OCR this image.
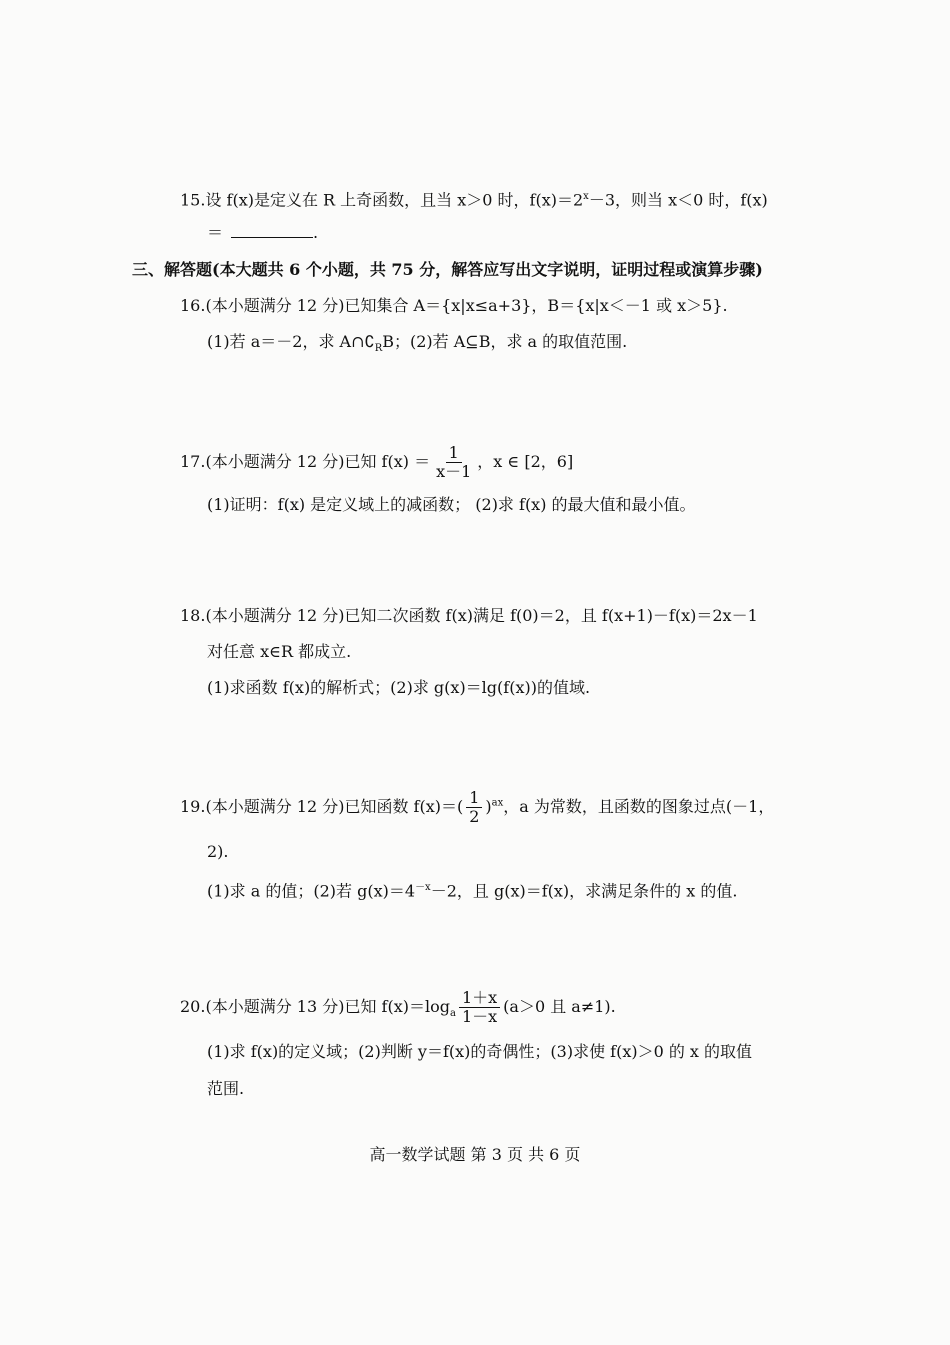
15.设 f(x)是定义在 R 上奇函数，且当 x＞0 时，$f(x)=2^x-3$，则当 x＜0 时，f(x)
＝	.
三、解答题(本大题共 6 个小题，共 75 分，解答应写出文字说明，证明过程或演算步骤)
16.(本小题满分 12 分)已知集合 A＝{x|x≤a+3}，B＝{x|x＜－1 或 x＞5}.
(1)若 a＝－2，求 $A\cap∁_RB$；(2)若 A⊆B，求 a 的取值范围.
17.(本小题满分 12 分)已知 $f(x) = \frac{1}{x-1}$ ，x ∈ [2，6]
(1)证明：f(x) 是定义域上的减函数； (2)求 f(x) 的最大值和最小值。
18.(本小题满分 12 分)已知二次函数 f(x)满足 f(0)＝2，且 f(x+1)－f(x)＝2x－1
对任意 x∈R 都成立.
(1)求函数 f(x)的解析式；(2)求 g(x)＝lg(f(x))的值域.
19.(本小题满分 12 分)已知函数 $f(x)=( \frac{1}{2} )^{ax}$，a 为常数，且函数的图象过点(－1，
2).
(1)求 a 的值；(2)若 $g(x)=4^{-x}-2$，且 g(x)＝f(x)，求满足条件的 x 的值.
20.(本小题满分 13 分)已知 $f(x)=\log_a \frac{1+x}{1-x} (a>0$ 且 a≠1).
(1)求 f(x)的定义域；(2)判断 y＝f(x)的奇偶性；(3)求使 f(x)＞0 的 x 的取值
范围.
高一数学试题 第 3 页 共 6 页
